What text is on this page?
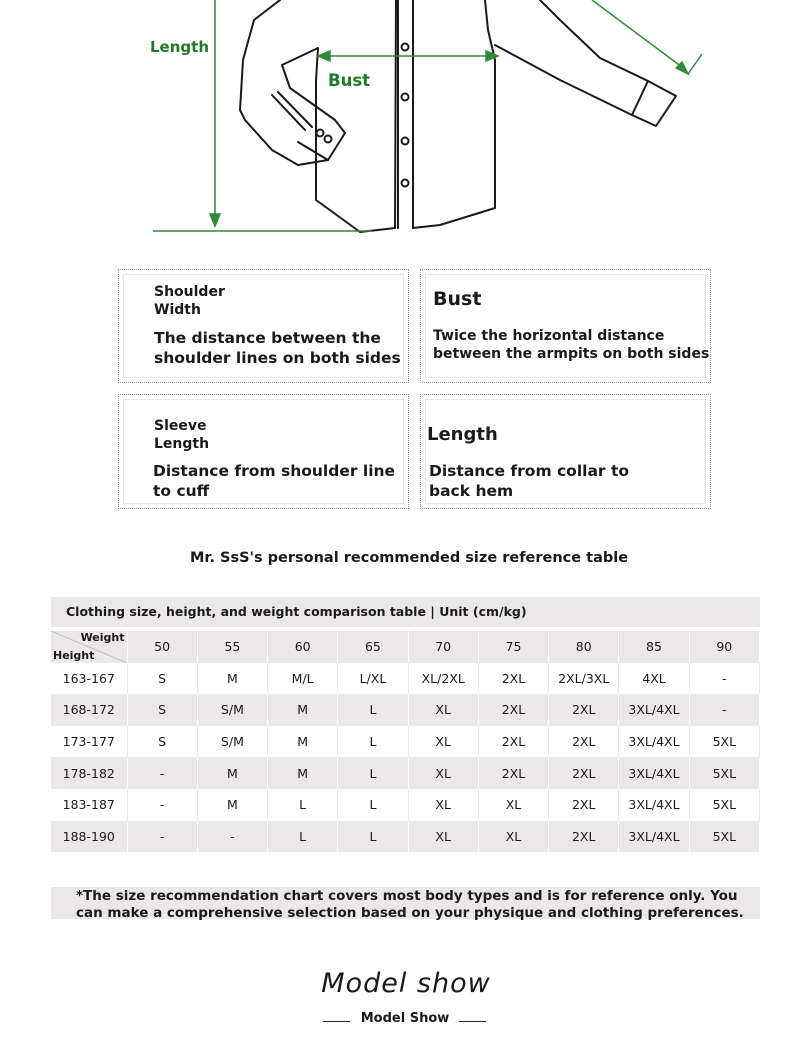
Length
Bust
Shoulder
Width
The distance between the
shoulder lines on both sides
Bust
Twice the horizontal distance
between the armpits on both sides
Sleeve
Length
Distance from shoulder line
to cuff
Length
Distance from collar to
back hem
Mr. SsS's personal recommended size reference table
Clothing size, height, and weight comparison table | Unit (cm/kg)
Weight
Height	50	55	60	65	70	75	80	85	90
163-167	S	M	M/L	L/XL	XL/2XL	2XL	2XL/3XL	4XL	-
168-172	S	S/M	M	L	XL	2XL	2XL	3XL/4XL	-
173-177	S	S/M	M	L	XL	2XL	2XL	3XL/4XL	5XL
178-182	-	M	M	L	XL	2XL	2XL	3XL/4XL	5XL
183-187	-	M	L	L	XL	XL	2XL	3XL/4XL	5XL
188-190	-	-	L	L	XL	XL	2XL	3XL/4XL	5XL
*The size recommendation chart covers most body types and is for reference only. You
can make a comprehensive selection based on your physique and clothing preferences.
Model show
Model Show
